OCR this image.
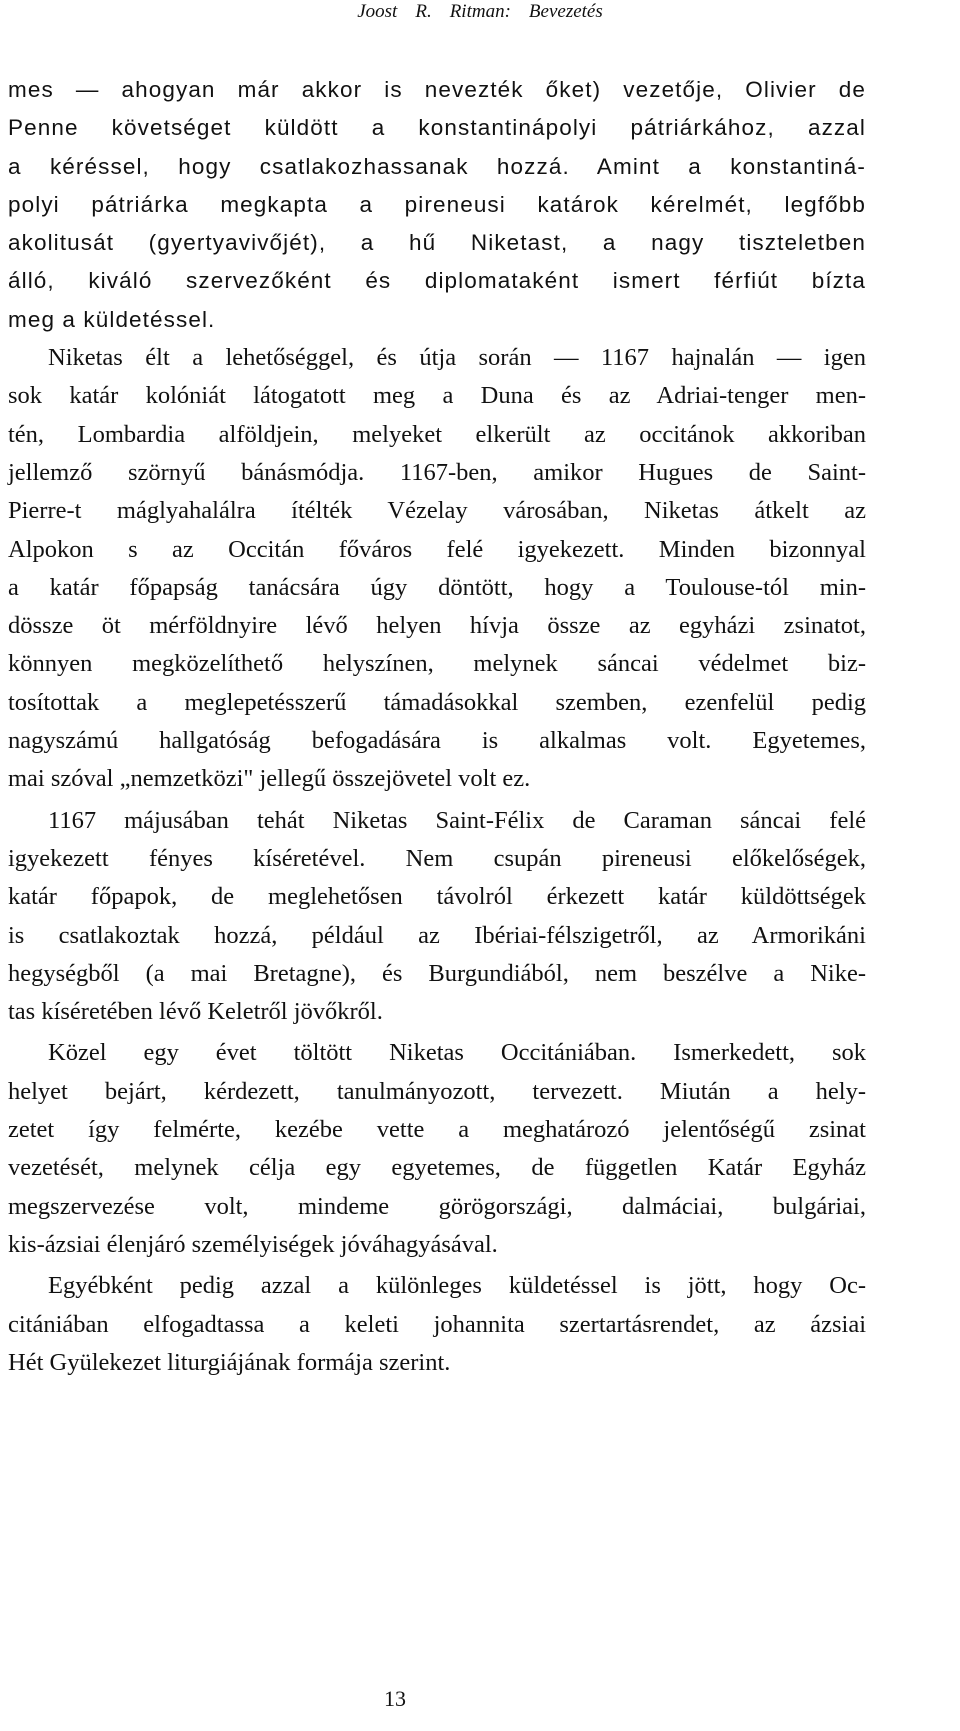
Joost R. Ritman: Bevezetés
mes — ahogyan már akkor is nevezték őket) vezetője, Olivier de
Penne követséget küldött a konstantinápolyi pátriárkához, azzal
a kéréssel, hogy csatlakozhassanak hozzá. Amint a konstantiná-
polyi pátriárka megkapta a pireneusi katárok kérelmét, legfőbb
akolitusát (gyertyavivőjét), a hű Niketast, a nagy tiszteletben
álló, kiváló szervezőként és diplomataként ismert férfiút bízta
meg a küldetéssel.
Niketas élt a lehetőséggel, és útja során — 1167 hajnalán — igen
sok katár kolóniát látogatott meg a Duna és az Adriai-tenger men-
tén, Lombardia alföldjein, melyeket elkerült az occitánok akkoriban
jellemző szörnyű bánásmódja. 1167-ben, amikor Hugues de Saint-
Pierre-t máglyahalálra ítélték Vézelay városában, Niketas átkelt az
Alpokon s az Occitán főváros felé igyekezett. Minden bizonnyal
a katár főpapság tanácsára úgy döntött, hogy a Toulouse-tól min-
dössze öt mérföldnyire lévő helyen hívja össze az egyházi zsinatot,
könnyen megközelíthető helyszínen, melynek sáncai védelmet biz-
tosítottak a meglepetésszerű támadásokkal szemben, ezenfelül pedig
nagyszámú hallgatóság befogadására is alkalmas volt. Egyetemes,
mai szóval „nemzetközi" jellegű összejövetel volt ez.
1167 májusában tehát Niketas Saint-Félix de Caraman sáncai felé
igyekezett fényes kíséretével. Nem csupán pireneusi előkelőségek,
katár főpapok, de meglehetősen távolról érkezett katár küldöttségek
is csatlakoztak hozzá, például az Ibériai-félszigetről, az Armorikáni
hegységből (a mai Bretagne), és Burgundiából, nem beszélve a Nike-
tas kíséretében lévő Keletről jövőkről.
Közel egy évet töltött Niketas Occitániában. Ismerkedett, sok
helyet bejárt, kérdezett, tanulmányozott, tervezett. Miután a hely-
zetet így felmérte, kezébe vette a meghatározó jelentőségű zsinat
vezetését, melynek célja egy egyetemes, de független Katár Egyház
megszervezése volt, mindeme görögországi, dalmáciai, bulgáriai,
kis-ázsiai élenjáró személyiségek jóváhagyásával.
Egyébként pedig azzal a különleges küldetéssel is jött, hogy Oc-
citániában elfogadtassa a keleti johannita szertartásrendet, az ázsiai
Hét Gyülekezet liturgiájának formája szerint.
13
